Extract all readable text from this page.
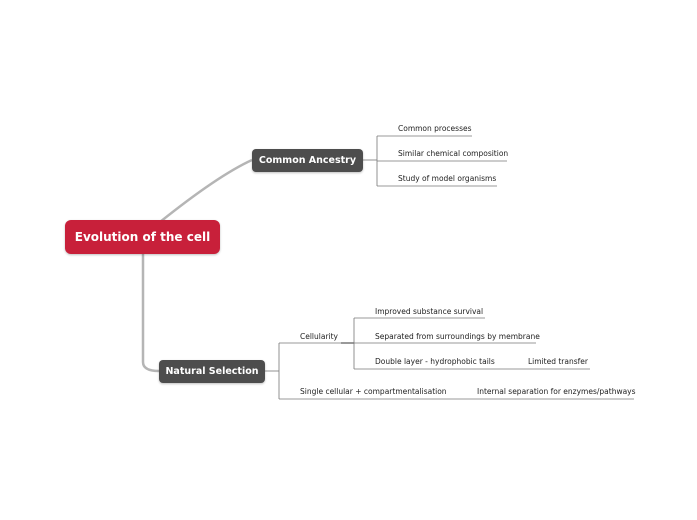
Evolution of the cell
Common Ancestry
Natural Selection
Common processes
Similar chemical composition
Study of model organisms
Cellularity
Improved substance survival
Separated from surroundings by membrane
Double layer - hydrophobic tails	Limited transfer
Single cellular + compartmentalisation	Internal separation for enzymes/pathways
